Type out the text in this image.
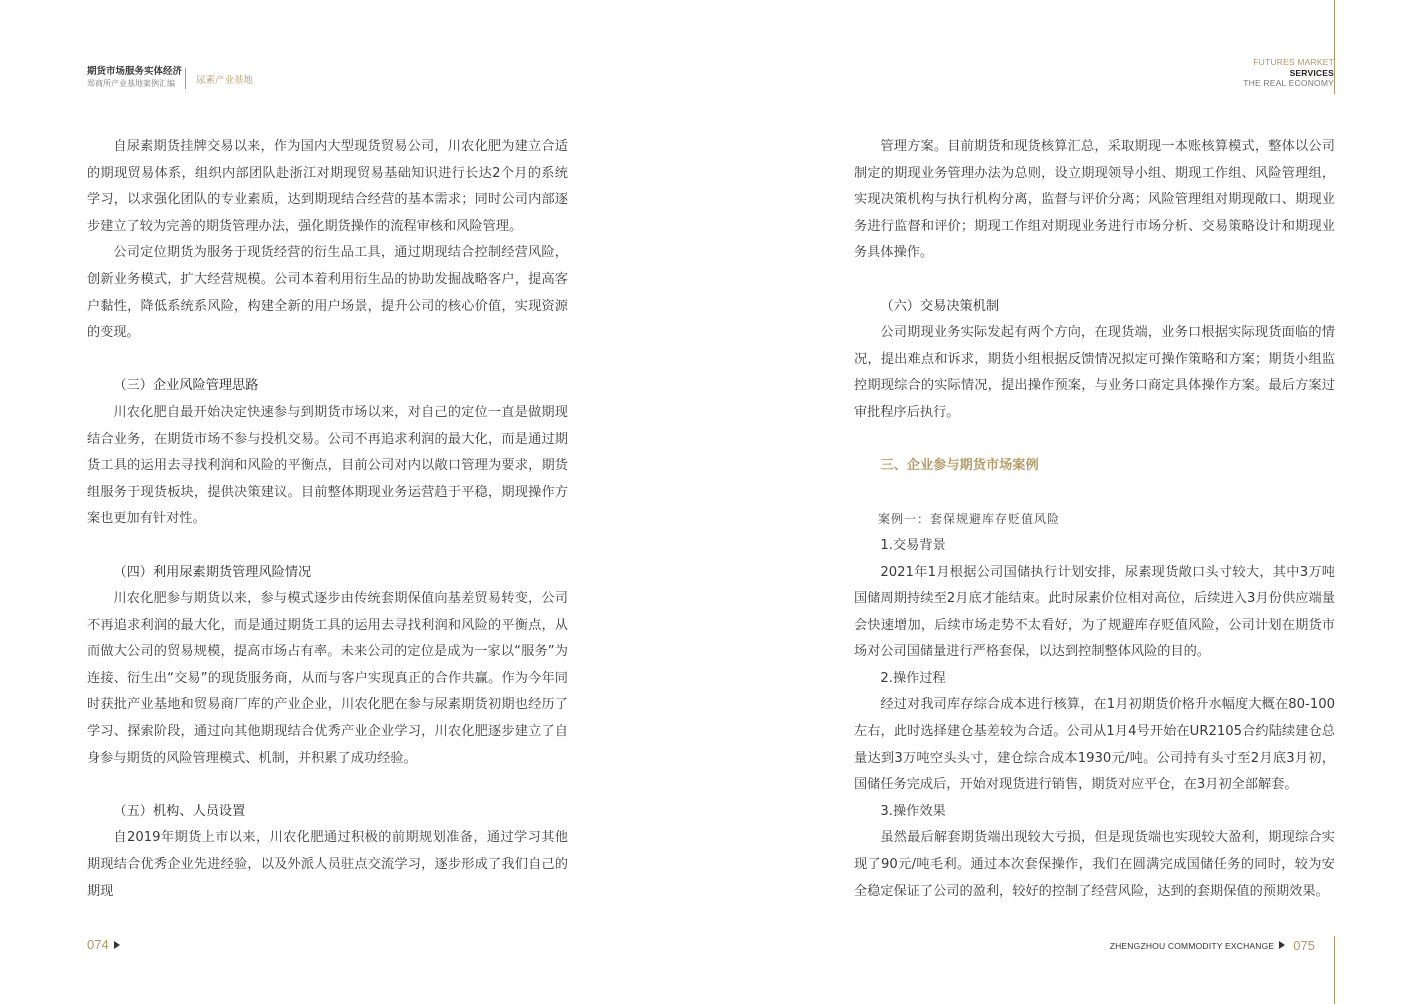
期货市场服务实体经济
郑商所产业基地案例汇编	尿素产业基地

自尿素期货挂牌交易以来，作为国内大型现货贸易公司，川农化肥为建立合适的期现贸易体系，组织内部团队赴浙江对期现贸易基础知识进行长达2个月的系统学习，以求强化团队的专业素质，达到期现结合经营的基本需求；同时公司内部逐步建立了较为完善的期货管理办法，强化期货操作的流程审核和风险管理。

公司定位期货为服务于现货经营的衍生品工具，通过期现结合控制经营风险，创新业务模式，扩大经营规模。公司本着利用衍生品的协助发掘战略客户，提高客户黏性，降低系统系风险，构建全新的用户场景，提升公司的核心价值，实现资源的变现。

（三）企业风险管理思路

川农化肥自最开始决定快速参与到期货市场以来，对自己的定位一直是做期现结合业务，在期货市场不参与投机交易。公司不再追求利润的最大化，而是通过期货工具的运用去寻找利润和风险的平衡点，目前公司对内以敞口管理为要求，期货组服务于现货板块，提供决策建议。目前整体期现业务运营趋于平稳，期现操作方案也更加有针对性。

（四）利用尿素期货管理风险情况

川农化肥参与期货以来，参与模式逐步由传统套期保值向基差贸易转变，公司不再追求利润的最大化，而是通过期货工具的运用去寻找利润和风险的平衡点，从而做大公司的贸易规模，提高市场占有率。未来公司的定位是成为一家以“服务”为连接、衍生出“交易”的现货服务商，从而与客户实现真正的合作共赢。作为今年同时获批产业基地和贸易商厂库的产业企业，川农化肥在参与尿素期货初期也经历了学习、探索阶段，通过向其他期现结合优秀产业企业学习，川农化肥逐步建立了自身参与期货的风险管理模式、机制，并积累了成功经验。

（五）机构、人员设置

自2019年期货上市以来，川农化肥通过积极的前期规划准备，通过学习其他期现结合优秀企业先进经验，以及外派人员驻点交流学习，逐步形成了我们自己的期现

074
FUTURES MARKET
SERVICES
THE REAL ECONOMY

管理方案。目前期货和现货核算汇总，采取期现一本账核算模式，整体以公司制定的期现业务管理办法为总则，设立期现领导小组、期现工作组、风险管理组，实现决策机构与执行机构分离，监督与评价分离；风险管理组对期现敞口、期现业务进行监督和评价；期现工作组对期现业务进行市场分析、交易策略设计和期现业务具体操作。

（六）交易决策机制

公司期现业务实际发起有两个方向，在现货端，业务口根据实际现货面临的情况，提出难点和诉求，期货小组根据反馈情况拟定可操作策略和方案；期货小组监控期现综合的实际情况，提出操作预案，与业务口商定具体操作方案。最后方案过审批程序后执行。

三、企业参与期货市场案例
案例一：套保规避库存贬值风险
1.交易背景

2021年1月根据公司国储执行计划安排，尿素现货敞口头寸较大，其中3万吨国储周期持续至2月底才能结束。此时尿素价位相对高位，后续进入3月份供应端量会快速增加，后续市场走势不太看好，为了规避库存贬值风险，公司计划在期货市场对公司国储量进行严格套保，以达到控制整体风险的目的。

2.操作过程

经过对我司库存综合成本进行核算，在1月初期货价格升水幅度大概在80-100左右，此时选择建仓基差较为合适。公司从1月4号开始在UR2105合约陆续建仓总量达到3万吨空头头寸，建仓综合成本1930元/吨。公司持有头寸至2月底3月初，国储任务完成后，开始对现货进行销售，期货对应平仓，在3月初全部解套。

3.操作效果

虽然最后解套期货端出现较大亏损，但是现货端也实现较大盈利，期现综合实现了90元/吨毛利。通过本次套保操作，我们在圆满完成国储任务的同时，较为安全稳定保证了公司的盈利，较好的控制了经营风险，达到的套期保值的预期效果。

ZHENGZHOU COMMODITY EXCHANGE 075
